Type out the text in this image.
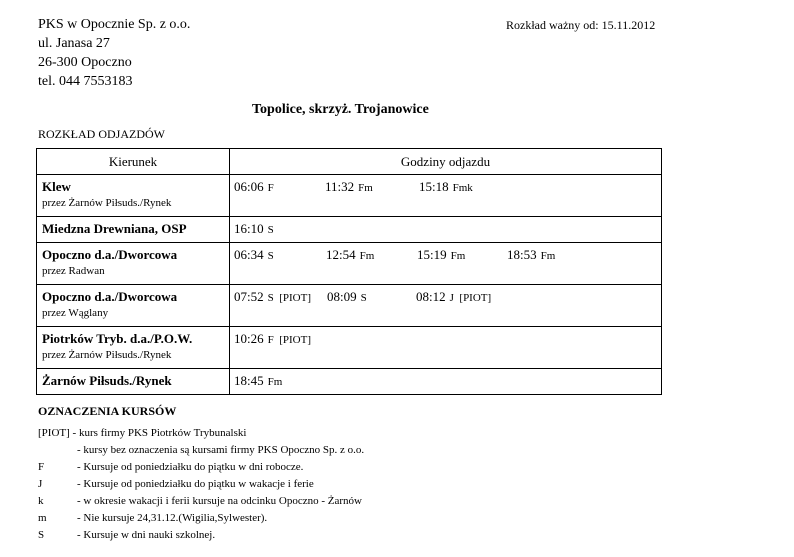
PKS w Opocznie Sp. z o.o.
ul. Janasa 27
26-300 Opoczno
tel. 044 7553183
Rozkład ważny od: 15.11.2012
Topolice, skrzyż. Trojanowice
ROZKŁAD ODJAZDÓW
Kierunek	Godziny odjazdu

Klew
przez Żarnów Piłsuds./Rynek	06:06 F 11:32 Fm 15:18 Fmk

Miedzna Drewniana, OSP	16:10 S

Opoczno d.a./Dworcowa
przez Radwan	06:34 S 12:54 Fm 15:19 Fm 18:53 Fm

Opoczno d.a./Dworcowa
przez Wąglany	07:52 S  [PIOT] 08:09 S 08:12 J  [PIOT]

Piotrków Tryb. d.a./P.O.W.
przez Żarnów Piłsuds./Rynek	10:26 F  [PIOT]

Żarnów Piłsuds./Rynek	18:45 Fm
OZNACZENIA KURSÓW
[PIOT] - kurs firmy PKS Piotrków Trybunalski
- kursy bez oznaczenia są kursami firmy PKS Opoczno Sp. z o.o.
F	- Kursuje od poniedziałku do piątku w dni robocze.
J	- Kursuje od poniedziałku do piątku w wakacje i ferie
k	- w okresie wakacji i ferii kursuje na odcinku Opoczno - Żarnów
m	- Nie kursuje 24,31.12.(Wigilia,Sylwester).
S	- Kursuje w dni nauki szkolnej.
